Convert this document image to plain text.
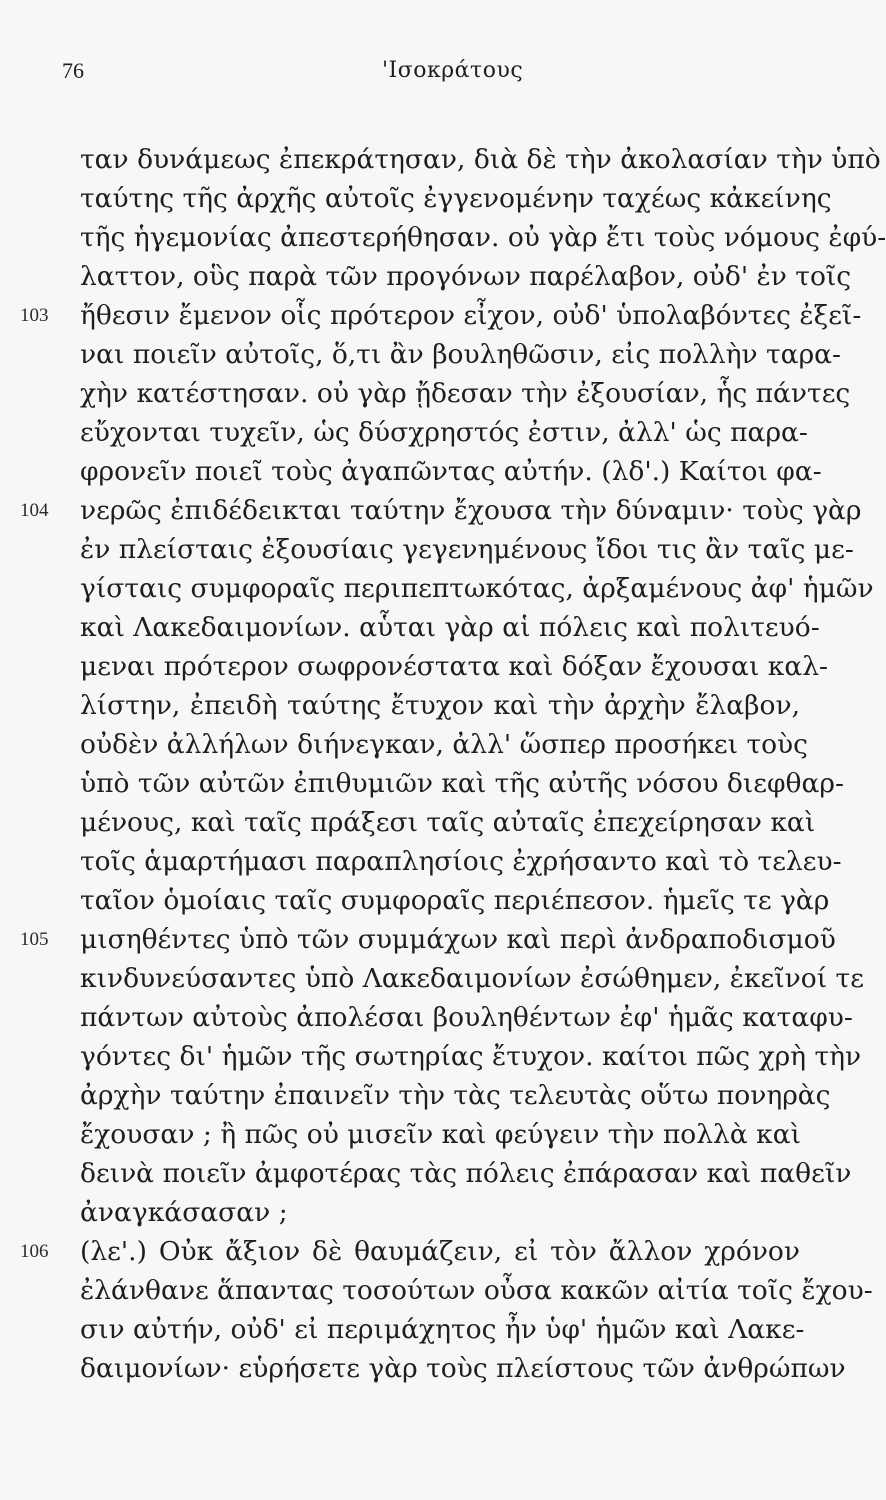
76	'Ισοκράτους
ταν δυνάμεως ἐπεκράτησαν, διὰ δὲ τὴν ἀκολασίαν τὴν ὑπὸ
ταύτης τῆς ἀρχῆς αὐτοῖς ἐγγενομένην ταχέως κἀκείνης
τῆς ἡγεμονίας ἀπεστερήθησαν. οὐ γὰρ ἔτι τοὺς νόμους ἐφύ-
λαττον, οὓς παρὰ τῶν προγόνων παρέλαβον, οὐδ' ἐν τοῖς
103 ἤθεσιν ἔμενον οἷς πρότερον εἶχον, οὐδ' ὑπολαβόντες ἐξεῖ-
ναι ποιεῖν αὐτοῖς, ὅ,τι ἂν βουληθῶσιν, εἰς πολλὴν ταρα-
χὴν κατέστησαν. οὐ γὰρ ᾔδεσαν τὴν ἐξουσίαν, ἧς πάντες
εὔχονται τυχεῖν, ὡς δύσχρηστός ἐστιν, ἀλλ' ὡς παρα-
φρονεῖν ποιεῖ τοὺς ἀγαπῶντας αὐτήν. (λδ'.) Καίτοι φα-
104 νερῶς ἐπιδέδεικται ταύτην ἔχουσα τὴν δύναμιν· τοὺς γὰρ
ἐν πλείσταις ἐξουσίαις γεγενημένους ἴδοι τις ἂν ταῖς με-
γίσταις συμφοραῖς περιπεπτωκότας, ἀρξαμένους ἀφ' ἡμῶν
καὶ Λακεδαιμονίων. αὗται γὰρ αἱ πόλεις καὶ πολιτευό-
μεναι πρότερον σωφρονέστατα καὶ δόξαν ἔχουσαι καλ-
λίστην, ἐπειδὴ ταύτης ἔτυχον καὶ τὴν ἀρχὴν ἔλαβον,
οὐδὲν ἀλλήλων διήνεγκαν, ἀλλ' ὥσπερ προσήκει τοὺς
ὑπὸ τῶν αὐτῶν ἐπιθυμιῶν καὶ τῆς αὐτῆς νόσου διεφθαρ-
μένους, καὶ ταῖς πράξεσι ταῖς αὐταῖς ἐπεχείρησαν καὶ
τοῖς ἁμαρτήμασι παραπλησίοις ἐχρήσαντο καὶ τὸ τελευ-
ταῖον ὁμοίαις ταῖς συμφοραῖς περιέπεσον. ἡμεῖς τε γὰρ
105 μισηθέντες ὑπὸ τῶν συμμάχων καὶ περὶ ἀνδραποδισμοῦ
κινδυνεύσαντες ὑπὸ Λακεδαιμονίων ἐσώθημεν, ἐκεῖνοί τε
πάντων αὐτοὺς ἀπολέσαι βουληθέντων ἐφ' ἡμᾶς καταφυ-
γόντες δι' ἡμῶν τῆς σωτηρίας ἔτυχον. καίτοι πῶς χρὴ τὴν
ἀρχὴν ταύτην ἐπαινεῖν τὴν τὰς τελευτὰς οὕτω πονηρὰς
ἔχουσαν ; ἢ πῶς οὐ μισεῖν καὶ φεύγειν τὴν πολλὰ καὶ
δεινὰ ποιεῖν ἀμφοτέρας τὰς πόλεις ἐπάρασαν καὶ παθεῖν
ἀναγκάσασαν ;
106 (λε'.) Οὐκ ἄξιον δὲ θαυμάζειν, εἰ τὸν ἄλλον χρόνον
ἐλάνθανε ἅπαντας τοσούτων οὖσα κακῶν αἰτία τοῖς ἔχου-
σιν αὐτήν, οὐδ' εἰ περιμάχητος ἦν ὑφ' ἡμῶν καὶ Λακε-
δαιμονίων· εὑρήσετε γὰρ τοὺς πλείστους τῶν ἀνθρώπων
